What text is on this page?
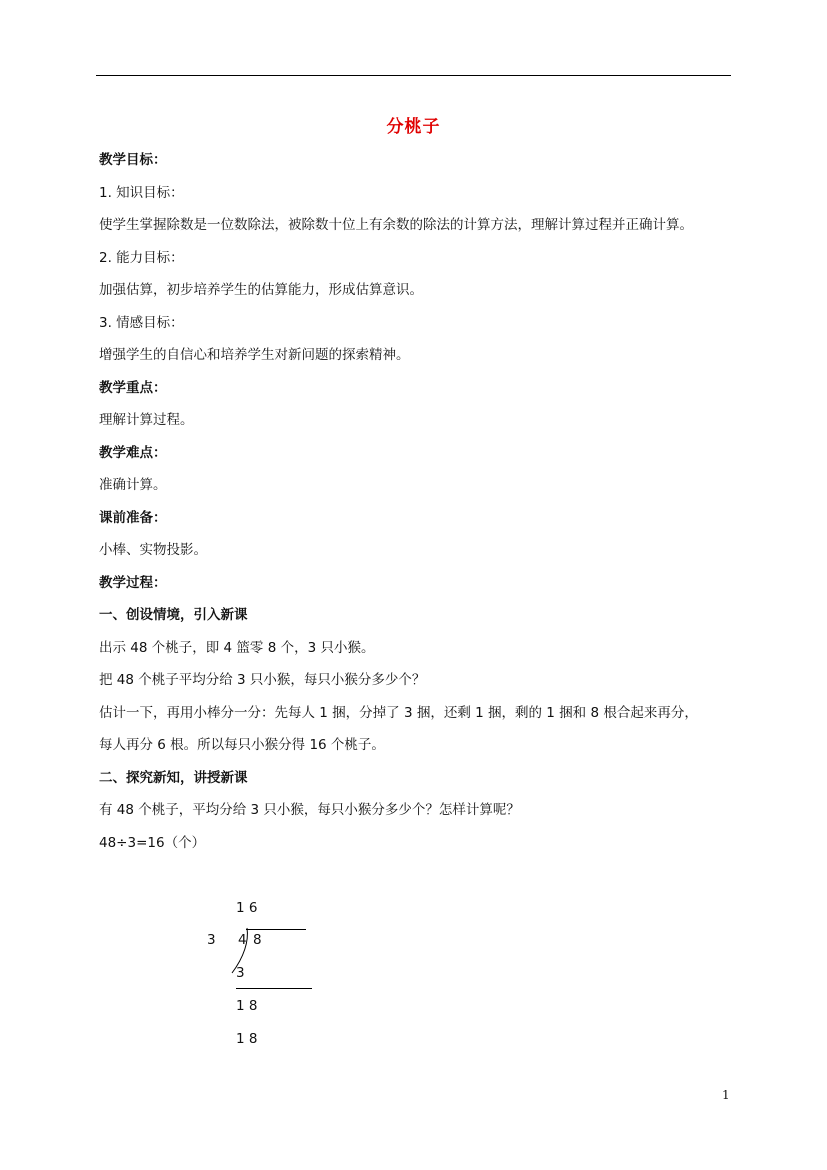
分桃子
教学目标：
1. 知识目标：
使学生掌握除数是一位数除法，被除数十位上有余数的除法的计算方法，理解计算过程并正确计算。
2. 能力目标：
加强估算，初步培养学生的估算能力，形成估算意识。
3. 情感目标：
增强学生的自信心和培养学生对新问题的探索精神。
教学重点：
理解计算过程。
教学难点：
准确计算。
课前准备：
小棒、实物投影。
教学过程：
一、创设情境，引入新课
出示 48 个桃子，即 4 篮零 8 个，3 只小猴。
把 48 个桃子平均分给 3 只小猴，每只小猴分多少个？
估计一下，再用小棒分一分：先每人 1 捆，分掉了 3 捆，还剩 1 捆，剩的 1 捆和 8 根合起来再分，
每人再分 6 根。所以每只小猴分得 16 个桃子。
二、探究新知，讲授新课
有 48 个桃子，平均分给 3 只小猴，每只小猴分多少个？怎样计算呢？
48÷3=16（个）
1 6
3 4 8
3
1 8
1 8
1
